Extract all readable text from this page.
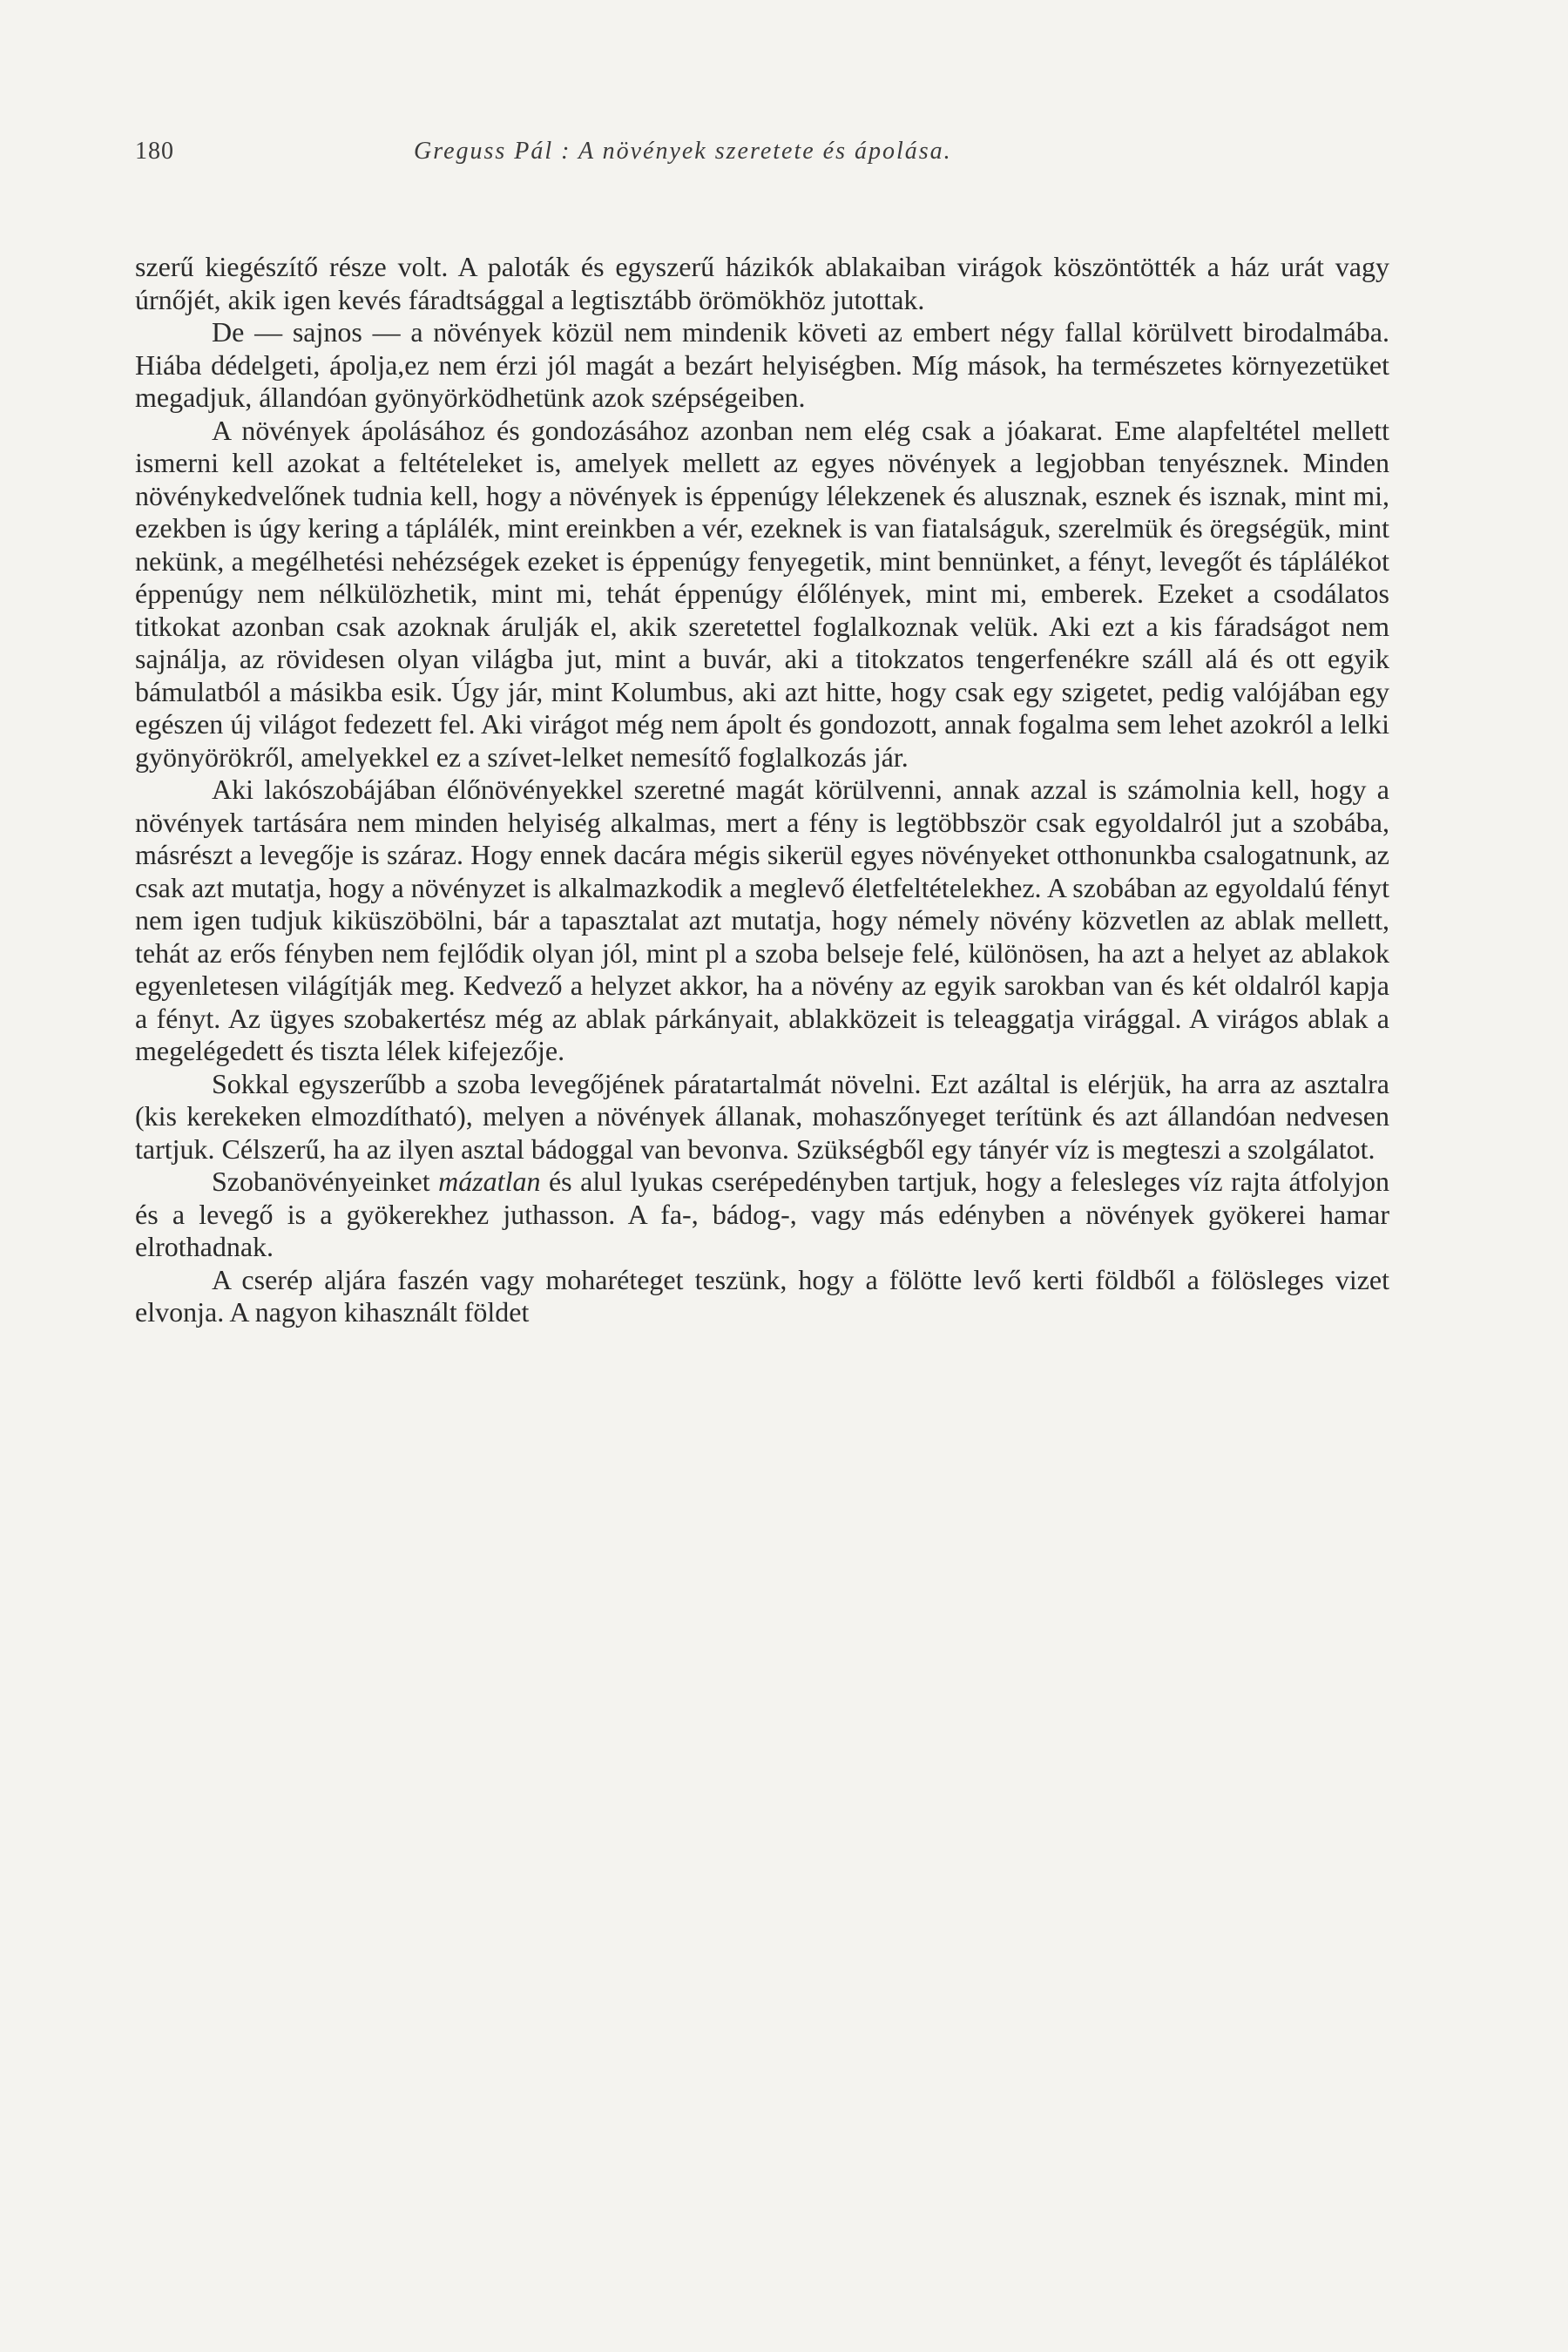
180	Greguss Pál : A növények szeretete és ápolása.

szerű kiegészítő része volt. A paloták és egyszerű házikók ablakaiban virágok köszöntötték a ház urát vagy úrnőjét, akik igen kevés fáradtsággal a legtisztább örömökhöz jutottak.

De — sajnos — a növények közül nem mindenik követi az embert négy fallal körülvett birodalmába. Hiába dédelgeti, ápolja,ez nem érzi jól magát a bezárt helyiségben. Míg mások, ha természetes környezetüket megadjuk, állandóan gyönyörködhetünk azok szépségeiben.

A növények ápolásához és gondozásához azonban nem elég csak a jóakarat. Eme alapfeltétel mellett ismerni kell azokat a feltételeket is, amelyek mellett az egyes növények a legjobban tenyésznek. Minden növénykedvelőnek tudnia kell, hogy a növények is éppenúgy lélekzenek és alusznak, esznek és isznak, mint mi, ezekben is úgy kering a táplálék, mint ereinkben a vér, ezeknek is van fiatalságuk, szerelmük és öregségük, mint nekünk, a megélhetési nehézségek ezeket is éppenúgy fenyegetik, mint bennünket, a fényt, levegőt és táplálékot éppenúgy nem nélkülözhetik, mint mi, tehát éppenúgy élőlények, mint mi, emberek. Ezeket a csodálatos titkokat azonban csak azoknak árulják el, akik szeretettel foglalkoznak velük. Aki ezt a kis fáradságot nem sajnálja, az rövidesen olyan világba jut, mint a buvár, aki a titokzatos tengerfenékre száll alá és ott egyik bámulatból a másikba esik. Úgy jár, mint Kolumbus, aki azt hitte, hogy csak egy szigetet, pedig valójában egy egészen új világot fedezett fel. Aki virágot még nem ápolt és gondozott, annak fogalma sem lehet azokról a lelki gyönyörökről, amelyekkel ez a szívet-lelket nemesítő foglalkozás jár.

Aki lakószobájában élőnövényekkel szeretné magát körülvenni, annak azzal is számolnia kell, hogy a növények tartására nem minden helyiség alkalmas, mert a fény is legtöbbször csak egyoldalról jut a szobába, másrészt a levegője is száraz. Hogy ennek dacára mégis sikerül egyes növényeket otthonunkba csalogatnunk, az csak azt mutatja, hogy a növényzet is alkalmazkodik a meglevő életfeltételekhez. A szobában az egyoldalú fényt nem igen tudjuk kiküszöbölni, bár a tapasztalat azt mutatja, hogy némely növény közvetlen az ablak mellett, tehát az erős fényben nem fejlődik olyan jól, mint pl a szoba belseje felé, különösen, ha azt a helyet az ablakok egyenletesen világítják meg. Kedvező a helyzet akkor, ha a növény az egyik sarokban van és két oldalról kapja a fényt. Az ügyes szobakertész még az ablak párkányait, ablakközeit is teleaggatja virággal. A virágos ablak a megelégedett és tiszta lélek kifejezője.

Sokkal egyszerűbb a szoba levegőjének páratartalmát növelni. Ezt azáltal is elérjük, ha arra az asztalra (kis kerekeken elmozdítható), melyen a növények állanak, mohaszőnyeget terítünk és azt állandóan nedvesen tartjuk. Célszerű, ha az ilyen asztal bádoggal van bevonva. Szükségből egy tányér víz is megteszi a szolgálatot.

Szobanövényeinket mázatlan és alul lyukas cserépedényben tartjuk, hogy a felesleges víz rajta átfolyjon és a levegő is a gyökerekhez juthasson. A fa-, bádog-, vagy más edényben a növények gyökerei hamar elrothadnak.

A cserép aljára faszén vagy moharéteget teszünk, hogy a fölötte levő kerti földből a fölösleges vizet elvonja. A nagyon kihasznált földet
